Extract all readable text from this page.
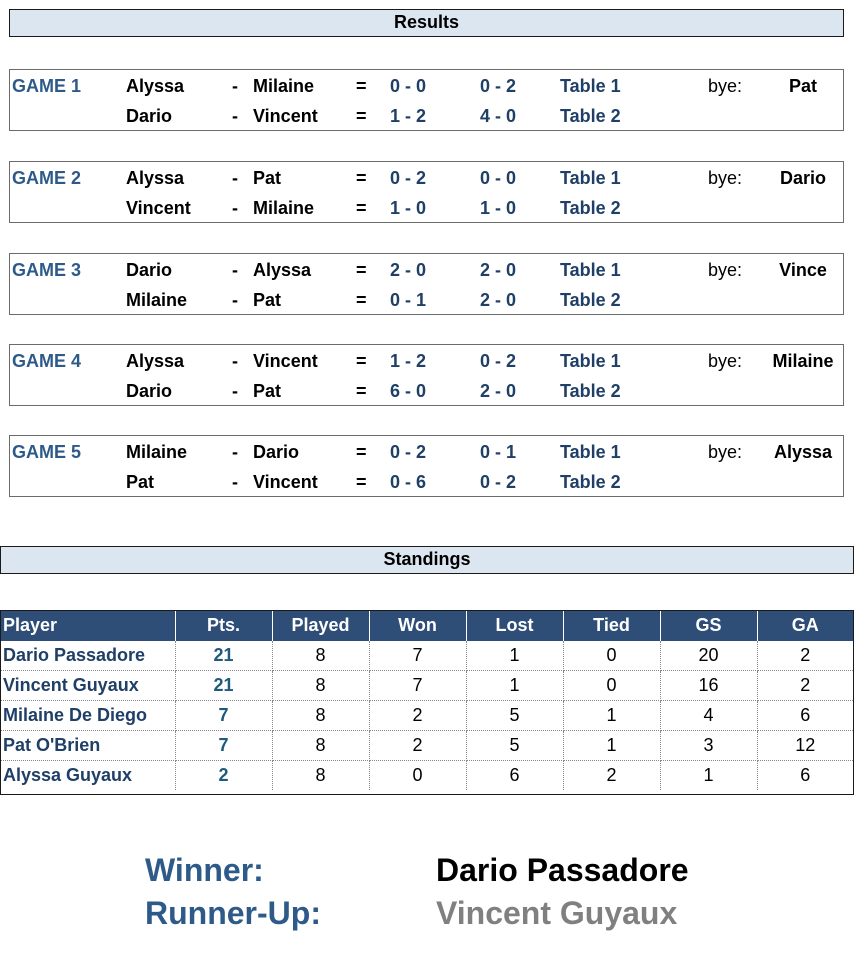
Results
GAME 1 Alyssa	- Milaine = 0 - 0	0 - 2 Table 1	bye:	Pat
Dario	- Vincent = 1 - 2	4 - 0 Table 2
GAME 2 Alyssa	- Pat	= 0 - 2	0 - 0 Table 1	bye:	Dario
Vincent - Milaine = 1 - 0	1 - 0 Table 2
GAME 3 Dario	- Alyssa = 2 - 0	2 - 0 Table 1	bye:	Vince
Milaine - Pat	= 0 - 1	2 - 0 Table 2
GAME 4 Alyssa	- Vincent = 1 - 2	0 - 2 Table 1	bye:	Milaine
Dario	- Pat	= 6 - 0	2 - 0 Table 2
GAME 5 Milaine - Dario	= 0 - 2	0 - 1 Table 1	bye:	Alyssa
Pat	- Vincent = 0 - 6	0 - 2 Table 2
Standings
Player	Pts.	Played	Won	Lost	Tied	GS	GA
Dario Passadore	21	8	7	1	0	20	2
Vincent Guyaux	21	8	7	1	0	16	2
Milaine De Diego	7	8	2	5	1	4	6
Pat O'Brien	7	8	2	5	1	3	12
Alyssa Guyaux	2	8	0	6	2	1	6
Winner:	Dario Passadore
Runner-Up:	Vincent Guyaux
